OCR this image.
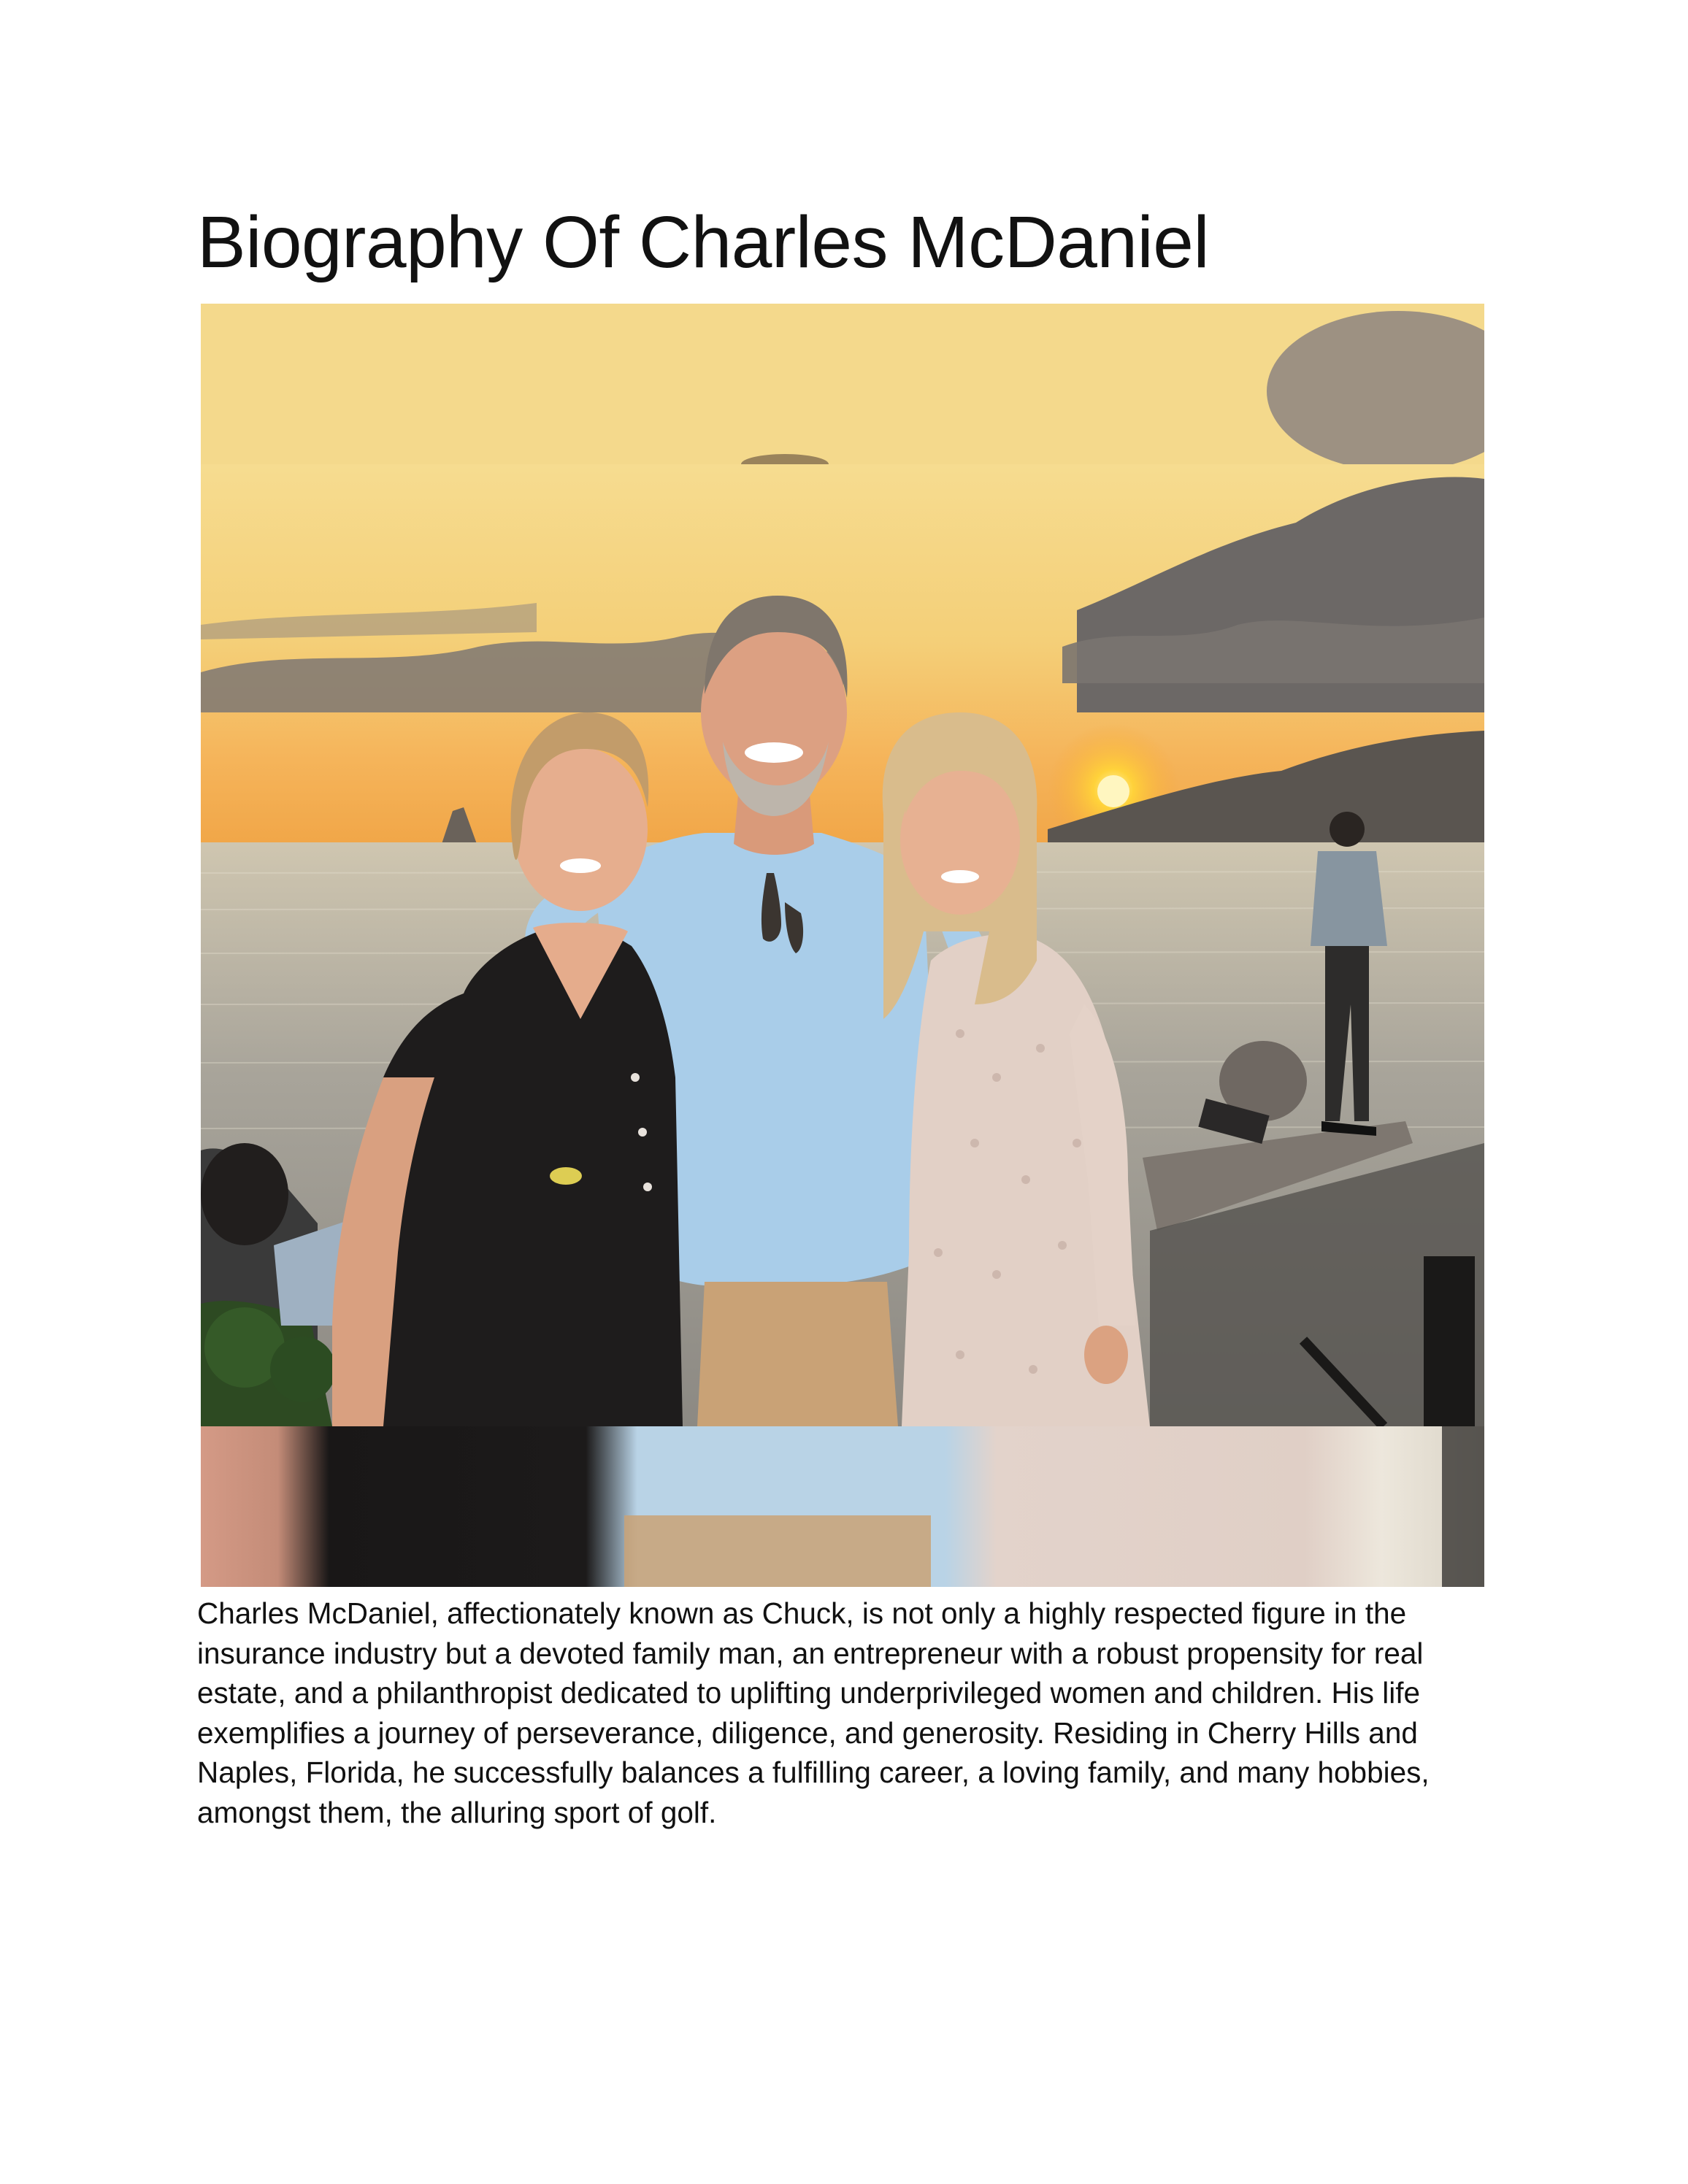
Biography Of Charles McDaniel

Charles McDaniel, affectionately known as Chuck, is not only a highly respected figure in the insurance industry but a devoted family man, an entrepreneur with a robust propensity for real estate, and a philanthropist dedicated to uplifting underprivileged women and children. His life exemplifies a journey of perseverance, diligence, and generosity. Residing in Cherry Hills and Naples, Florida, he successfully balances a fulfilling career, a loving family, and many hobbies, amongst them, the alluring sport of golf.
